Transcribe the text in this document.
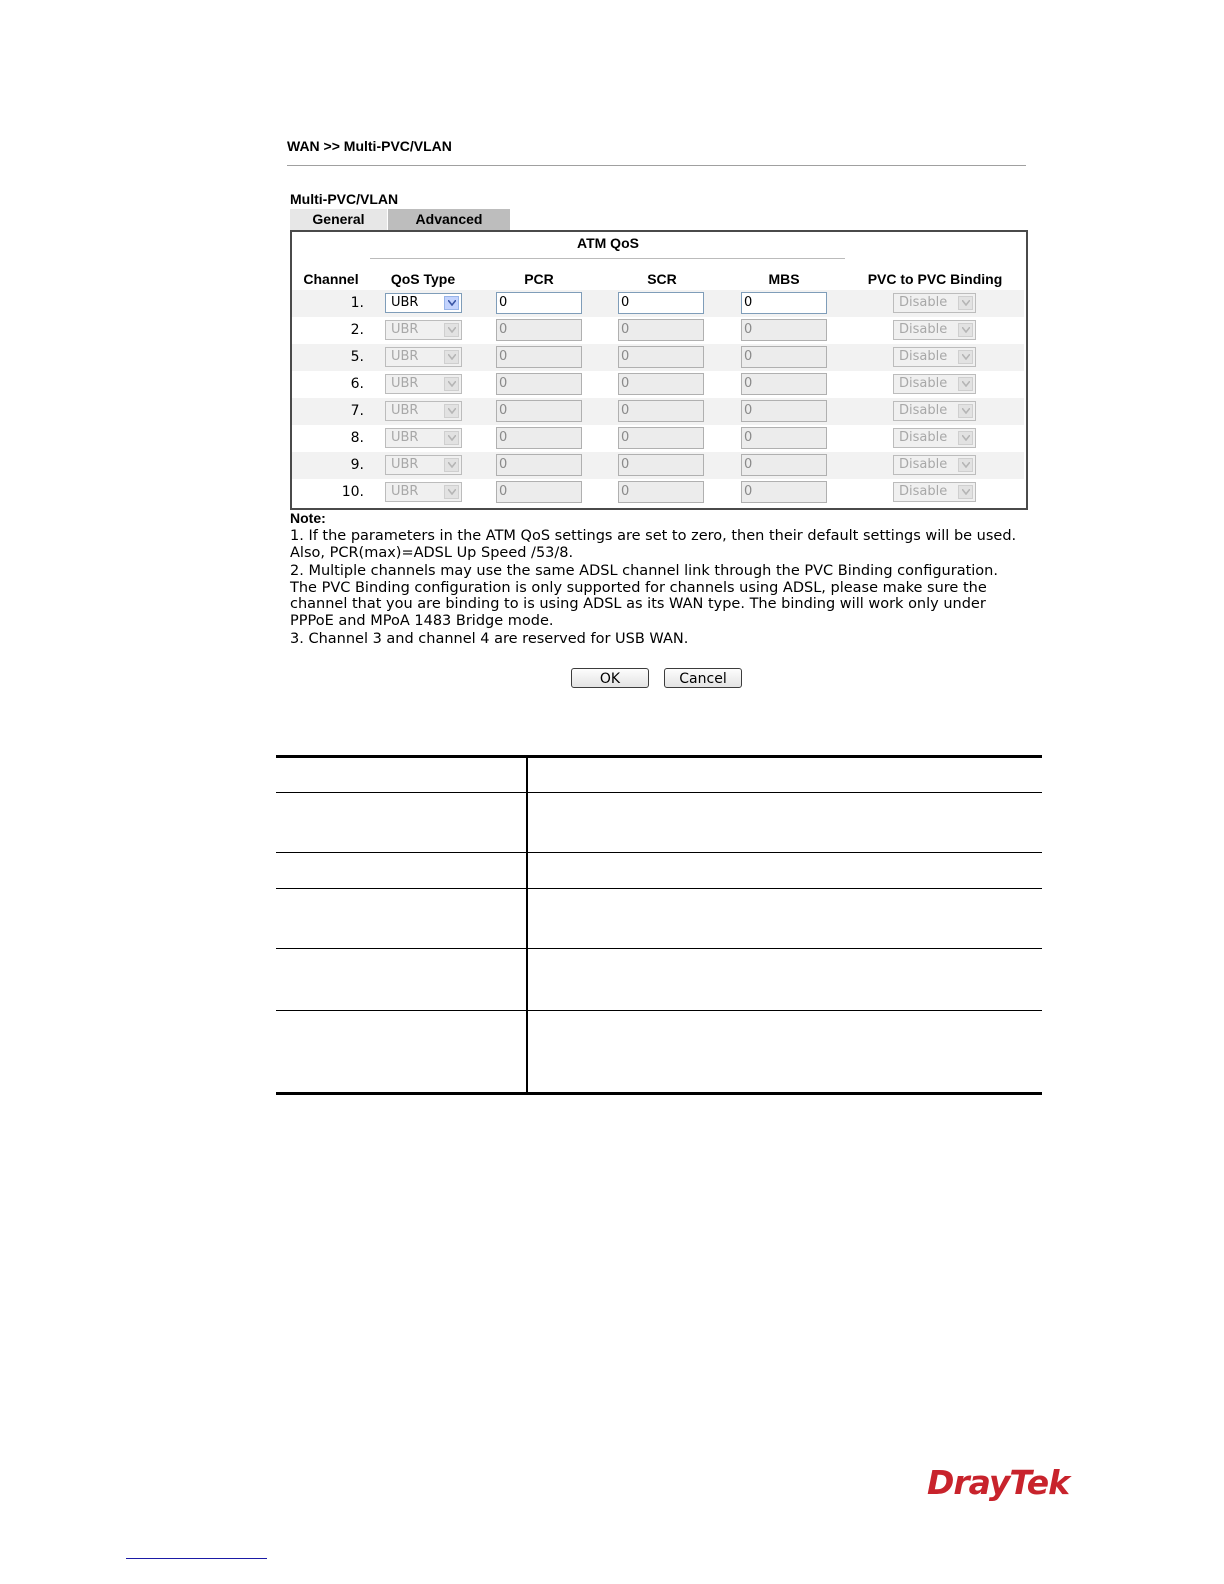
WAN >> Multi-PVC/VLAN
Multi-PVC/VLAN
General	Advanced
ATM QoS
Channel	QoS Type	PCR	SCR	MBS	PVC to PVC Binding
1. UBR	0	0	0	Disable
2. UBR	0	0	0	Disable
5. UBR	0	0	0	Disable
6. UBR	0	0	0	Disable
7. UBR	0	0	0	Disable
8. UBR	0	0	0	Disable
9. UBR	0	0	0	Disable
10. UBR	0	0	0	Disable
Note:
1. If the parameters in the ATM QoS settings are set to zero, then their default settings will be used. Also, PCR(max)=ADSL Up Speed /53/8.
2. Multiple channels may use the same ADSL channel link through the PVC Binding configuration. The PVC Binding configuration is only supported for channels using ADSL, please make sure the channel that you are binding to is using ADSL as its WAN type. The binding will work only under PPPoE and MPoA 1483 Bridge mode.
3. Channel 3 and channel 4 are reserved for USB WAN.
OK	Cancel
DrayTek
